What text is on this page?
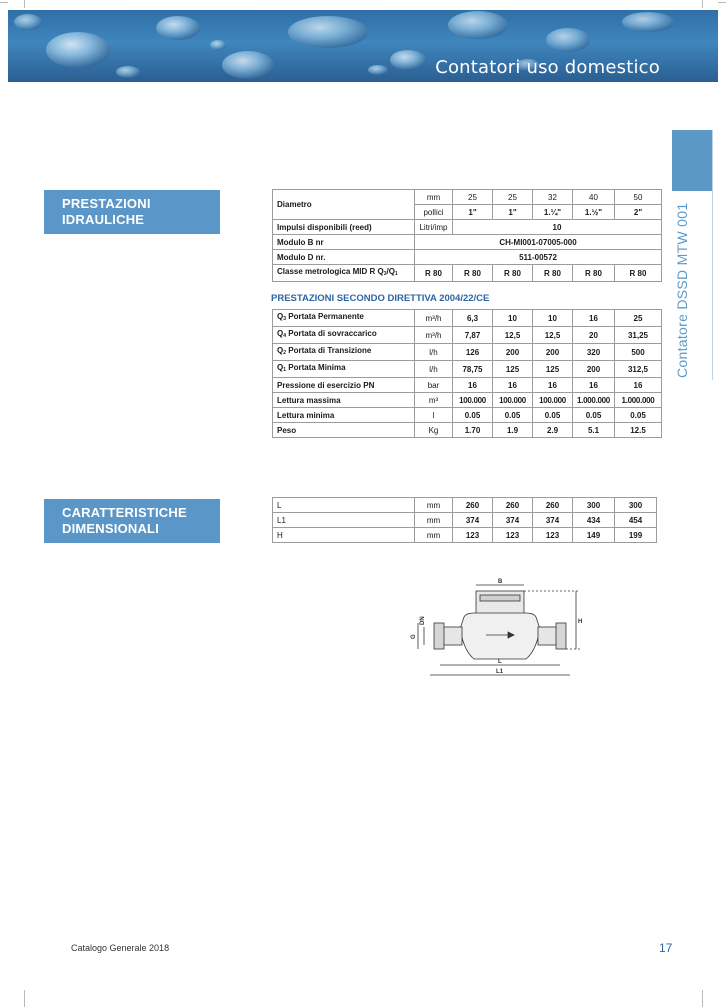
Contatori uso domestico
Contatore DSSD MTW 001
PRESTAZIONI IDRAULICHE
CARATTERISTICHE DIMENSIONALI
Diametro	mm	25	25	32	40	50
	pollici	1"	1"	1.¼"	1.½"	2"
Impulsi disponibili (reed)	Litri/imp	10				
Modulo B nr	CH-MI001-07005-000					
Modulo D nr.	511-00572					
Classe metrologica MID R $Q_3/Q_1$	R 80	R 80	R 80	R 80	R 80	R 80
PRESTAZIONI SECONDO DIRETTIVA 2004/22/CE
$Q_3$ Portata Permanente	m³/h	6,3	10	10	16	25
$Q_4$ Portata di sovraccarico	m³/h	7,87	12,5	12,5	20	31,25
$Q_2$ Portata di Transizione	l/h	126	200	200	320	500
$Q_1$ Portata Minima	l/h	78,75	125	125	200	312,5
Pressione di esercizio PN	bar	16	16	16	16	16
Lettura massima	m³	100.000	100.000	100.000	1.000.000	1.000.000
Lettura minima	l	0.05	0.05	0.05	0.05	0.05
Peso	Kg	1.70	1.9	2.9	5.1	12.5
L	mm	260	260	260	300	300
L1	mm	374	374	374	434	454
H	mm	123	123	123	149	199
B
L
L1
H
DN
G
Catalogo Generale 2018	17
